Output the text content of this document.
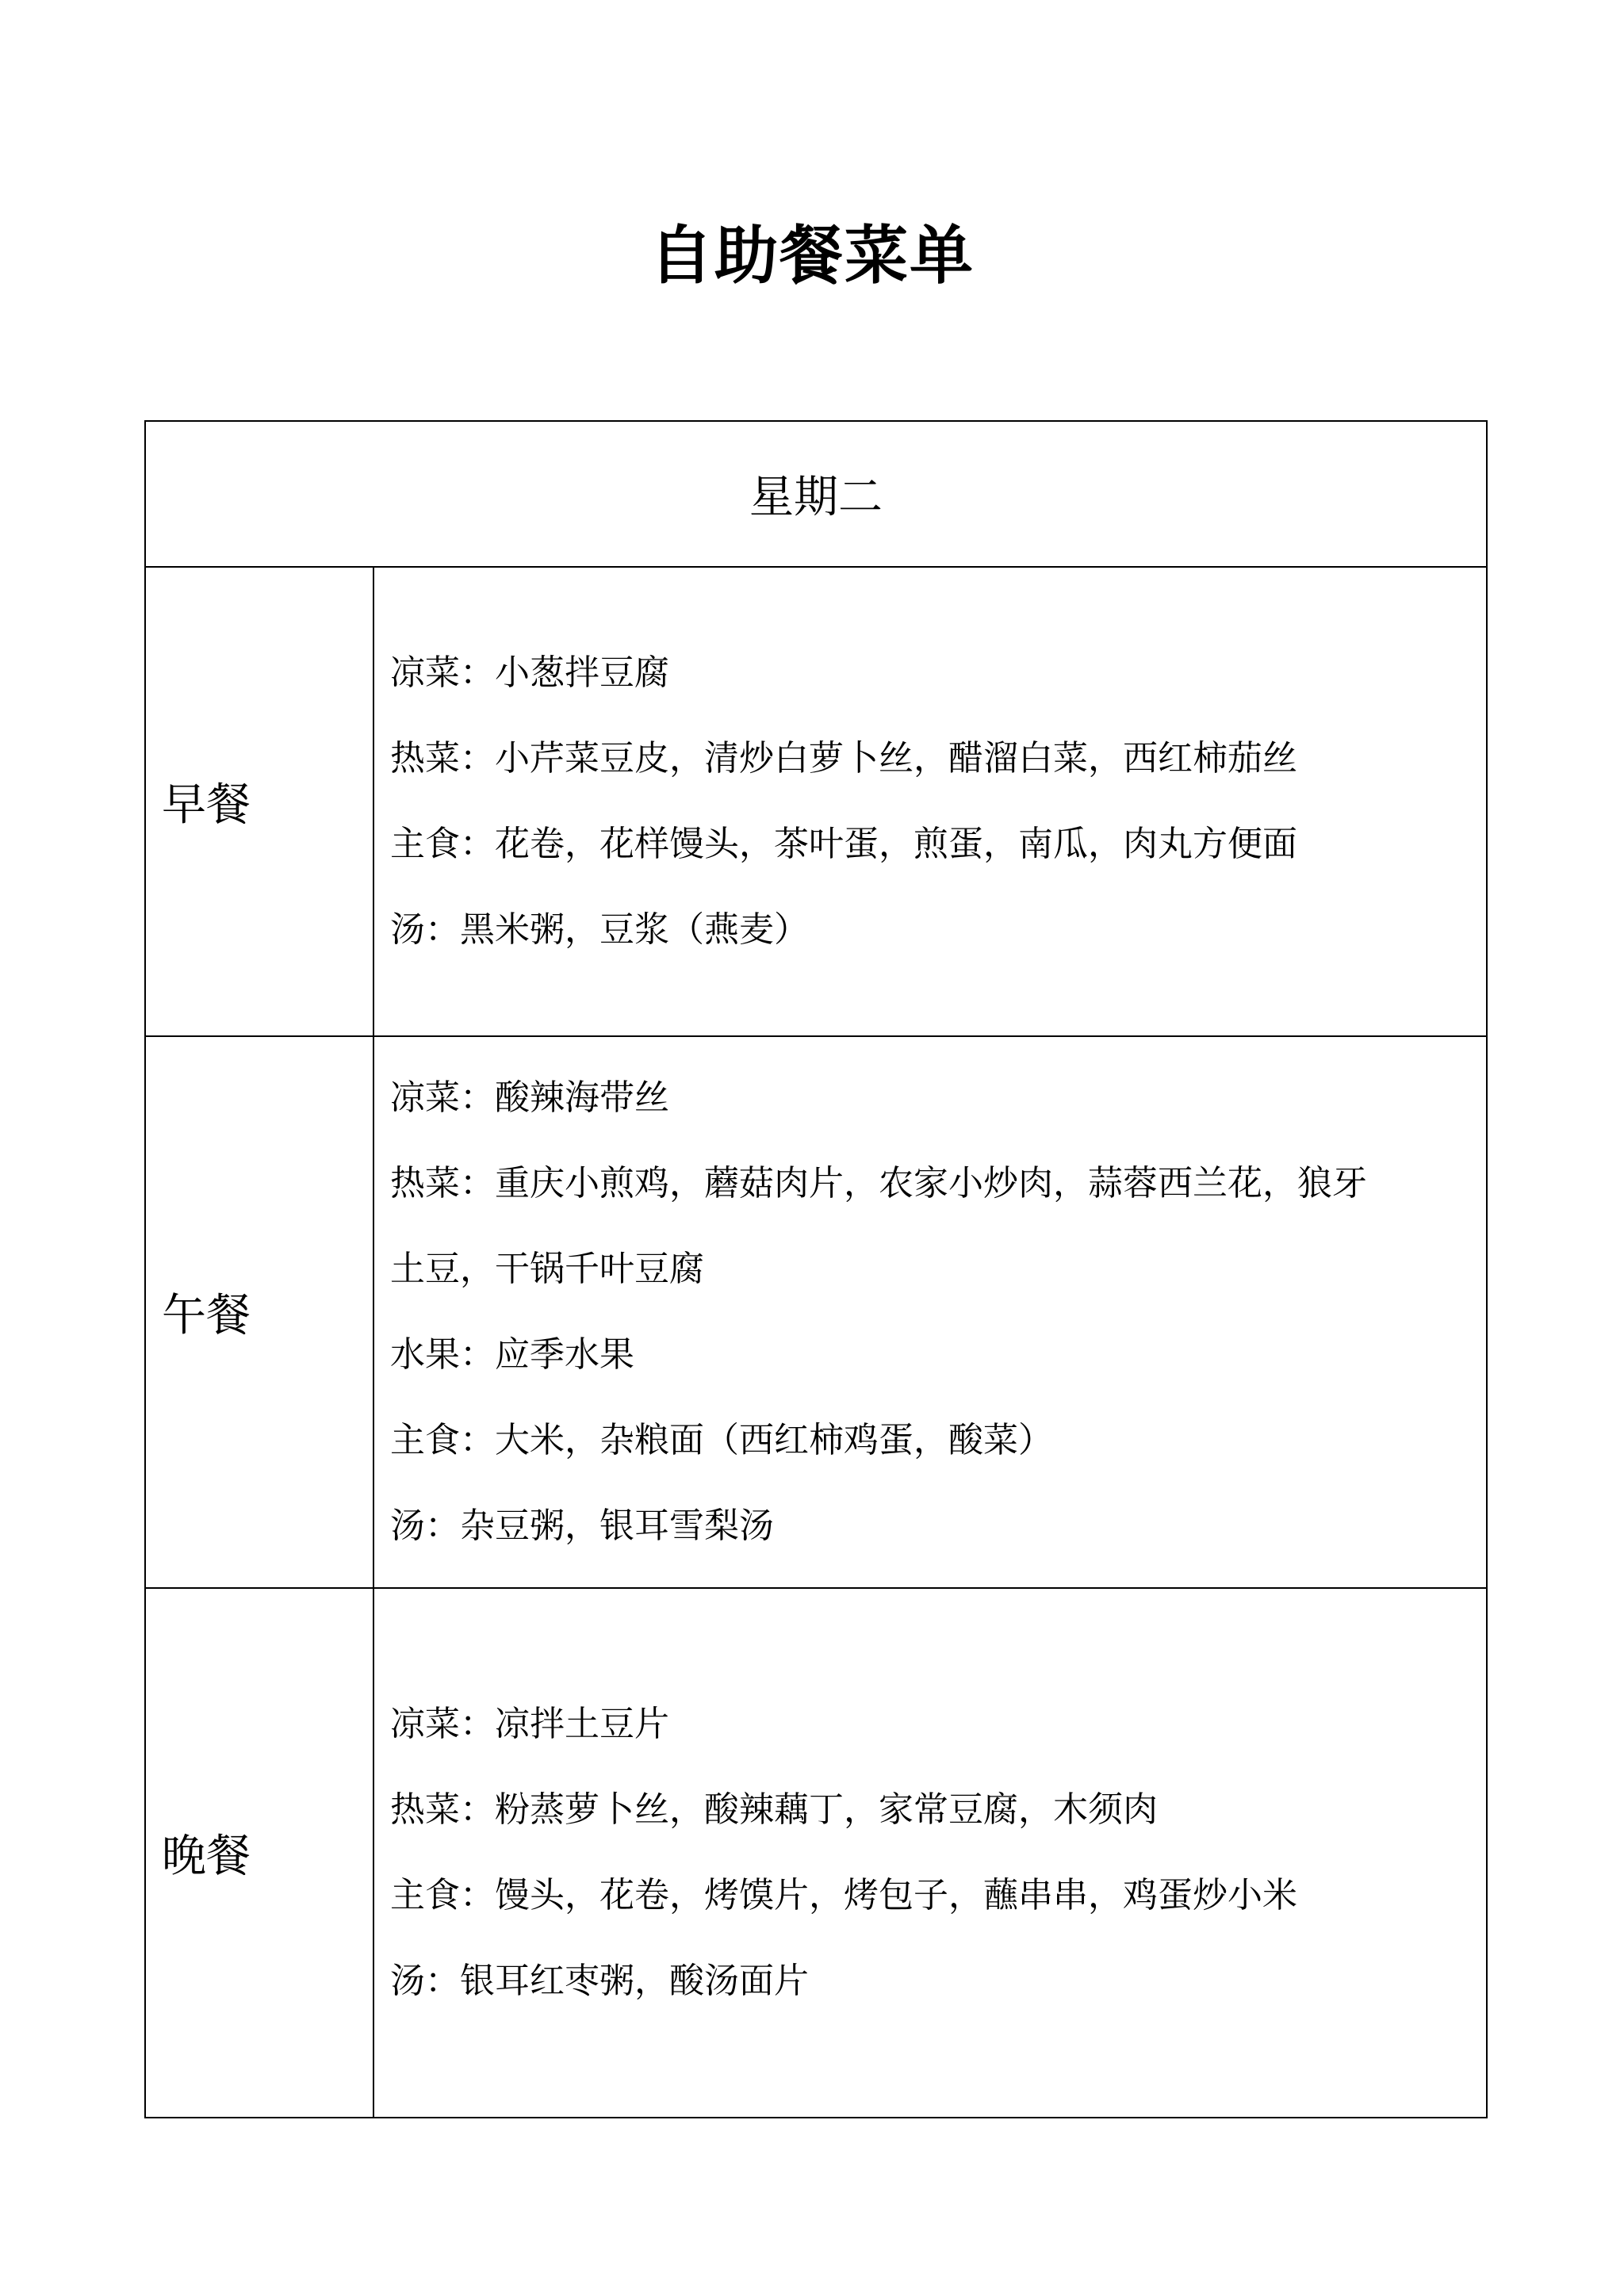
自助餐菜单
星期二
早餐
凉菜：小葱拌豆腐
热菜：小芹菜豆皮，清炒白萝卜丝，醋溜白菜，西红柿茄丝
主食：花卷，花样馒头，茶叶蛋，煎蛋，南瓜，肉丸方便面
汤：黑米粥，豆浆（燕麦）
午餐
凉菜：酸辣海带丝
热菜：重庆小煎鸡，蘑菇肉片，农家小炒肉，蒜蓉西兰花，狼牙
土豆，干锅千叶豆腐
水果：应季水果
主食：大米，杂粮面（西红柿鸡蛋，酸菜）
汤：杂豆粥，银耳雪梨汤
晚餐
凉菜：凉拌土豆片
热菜：粉蒸萝卜丝，酸辣藕丁，家常豆腐，木须肉
主食：馒头，花卷，烤馍片，烤包子，蘸串串，鸡蛋炒小米
汤：银耳红枣粥，酸汤面片
